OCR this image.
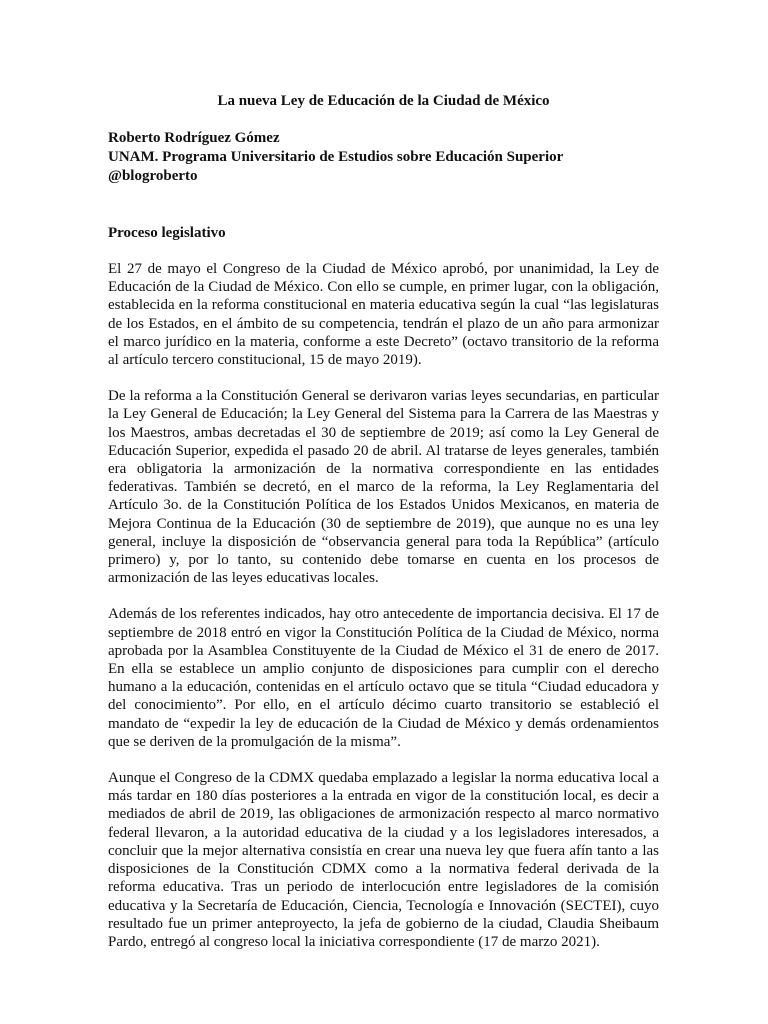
La nueva Ley de Educación de la Ciudad de México
Roberto Rodríguez Gómez
UNAM. Programa Universitario de Estudios sobre Educación Superior
@blogroberto
Proceso legislativo

El 27 de mayo el Congreso de la Ciudad de México aprobó, por unanimidad, la Ley de Educación de la Ciudad de México. Con ello se cumple, en primer lugar, con la obligación, establecida en la reforma constitucional en materia educativa según la cual “las legislaturas de los Estados, en el ámbito de su competencia, tendrán el plazo de un año para armonizar el marco jurídico en la materia, conforme a este Decreto” (octavo transitorio de la reforma al artículo tercero constitucional, 15 de mayo 2019).

De la reforma a la Constitución General se derivaron varias leyes secundarias, en particular la Ley General de Educación; la Ley General del Sistema para la Carrera de las Maestras y los Maestros, ambas decretadas el 30 de septiembre de 2019; así como la Ley General de Educación Superior, expedida el pasado 20 de abril. Al tratarse de leyes generales, también era obligatoria la armonización de la normativa correspondiente en las entidades federativas. También se decretó, en el marco de la reforma, la Ley Reglamentaria del Artículo 3o. de la Constitución Política de los Estados Unidos Mexicanos, en materia de Mejora Continua de la Educación (30 de septiembre de 2019), que aunque no es una ley general, incluye la disposición de “observancia general para toda la República” (artículo primero) y, por lo tanto, su contenido debe tomarse en cuenta en los procesos de armonización de las leyes educativas locales.

Además de los referentes indicados, hay otro antecedente de importancia decisiva. El 17 de septiembre de 2018 entró en vigor la Constitución Política de la Ciudad de México, norma aprobada por la Asamblea Constituyente de la Ciudad de México el 31 de enero de 2017. En ella se establece un amplio conjunto de disposiciones para cumplir con el derecho humano a la educación, contenidas en el artículo octavo que se titula “Ciudad educadora y del conocimiento”. Por ello, en el artículo décimo cuarto transitorio se estableció el mandato de “expedir la ley de educación de la Ciudad de México y demás ordenamientos que se deriven de la promulgación de la misma”.

Aunque el Congreso de la CDMX quedaba emplazado a legislar la norma educativa local a más tardar en 180 días posteriores a la entrada en vigor de la constitución local, es decir a mediados de abril de 2019, las obligaciones de armonización respecto al marco normativo federal llevaron, a la autoridad educativa de la ciudad y a los legisladores interesados, a concluir que la mejor alternativa consistía en crear una nueva ley que fuera afín tanto a las disposiciones de la Constitución CDMX como a la normativa federal derivada de la reforma educativa. Tras un periodo de interlocución entre legisladores de la comisión educativa y la Secretaría de Educación, Ciencia, Tecnología e Innovación (SECTEI), cuyo resultado fue un primer anteproyecto, la jefa de gobierno de la ciudad, Claudia Sheibaum Pardo, entregó al congreso local la iniciativa correspondiente (17 de marzo 2021).
